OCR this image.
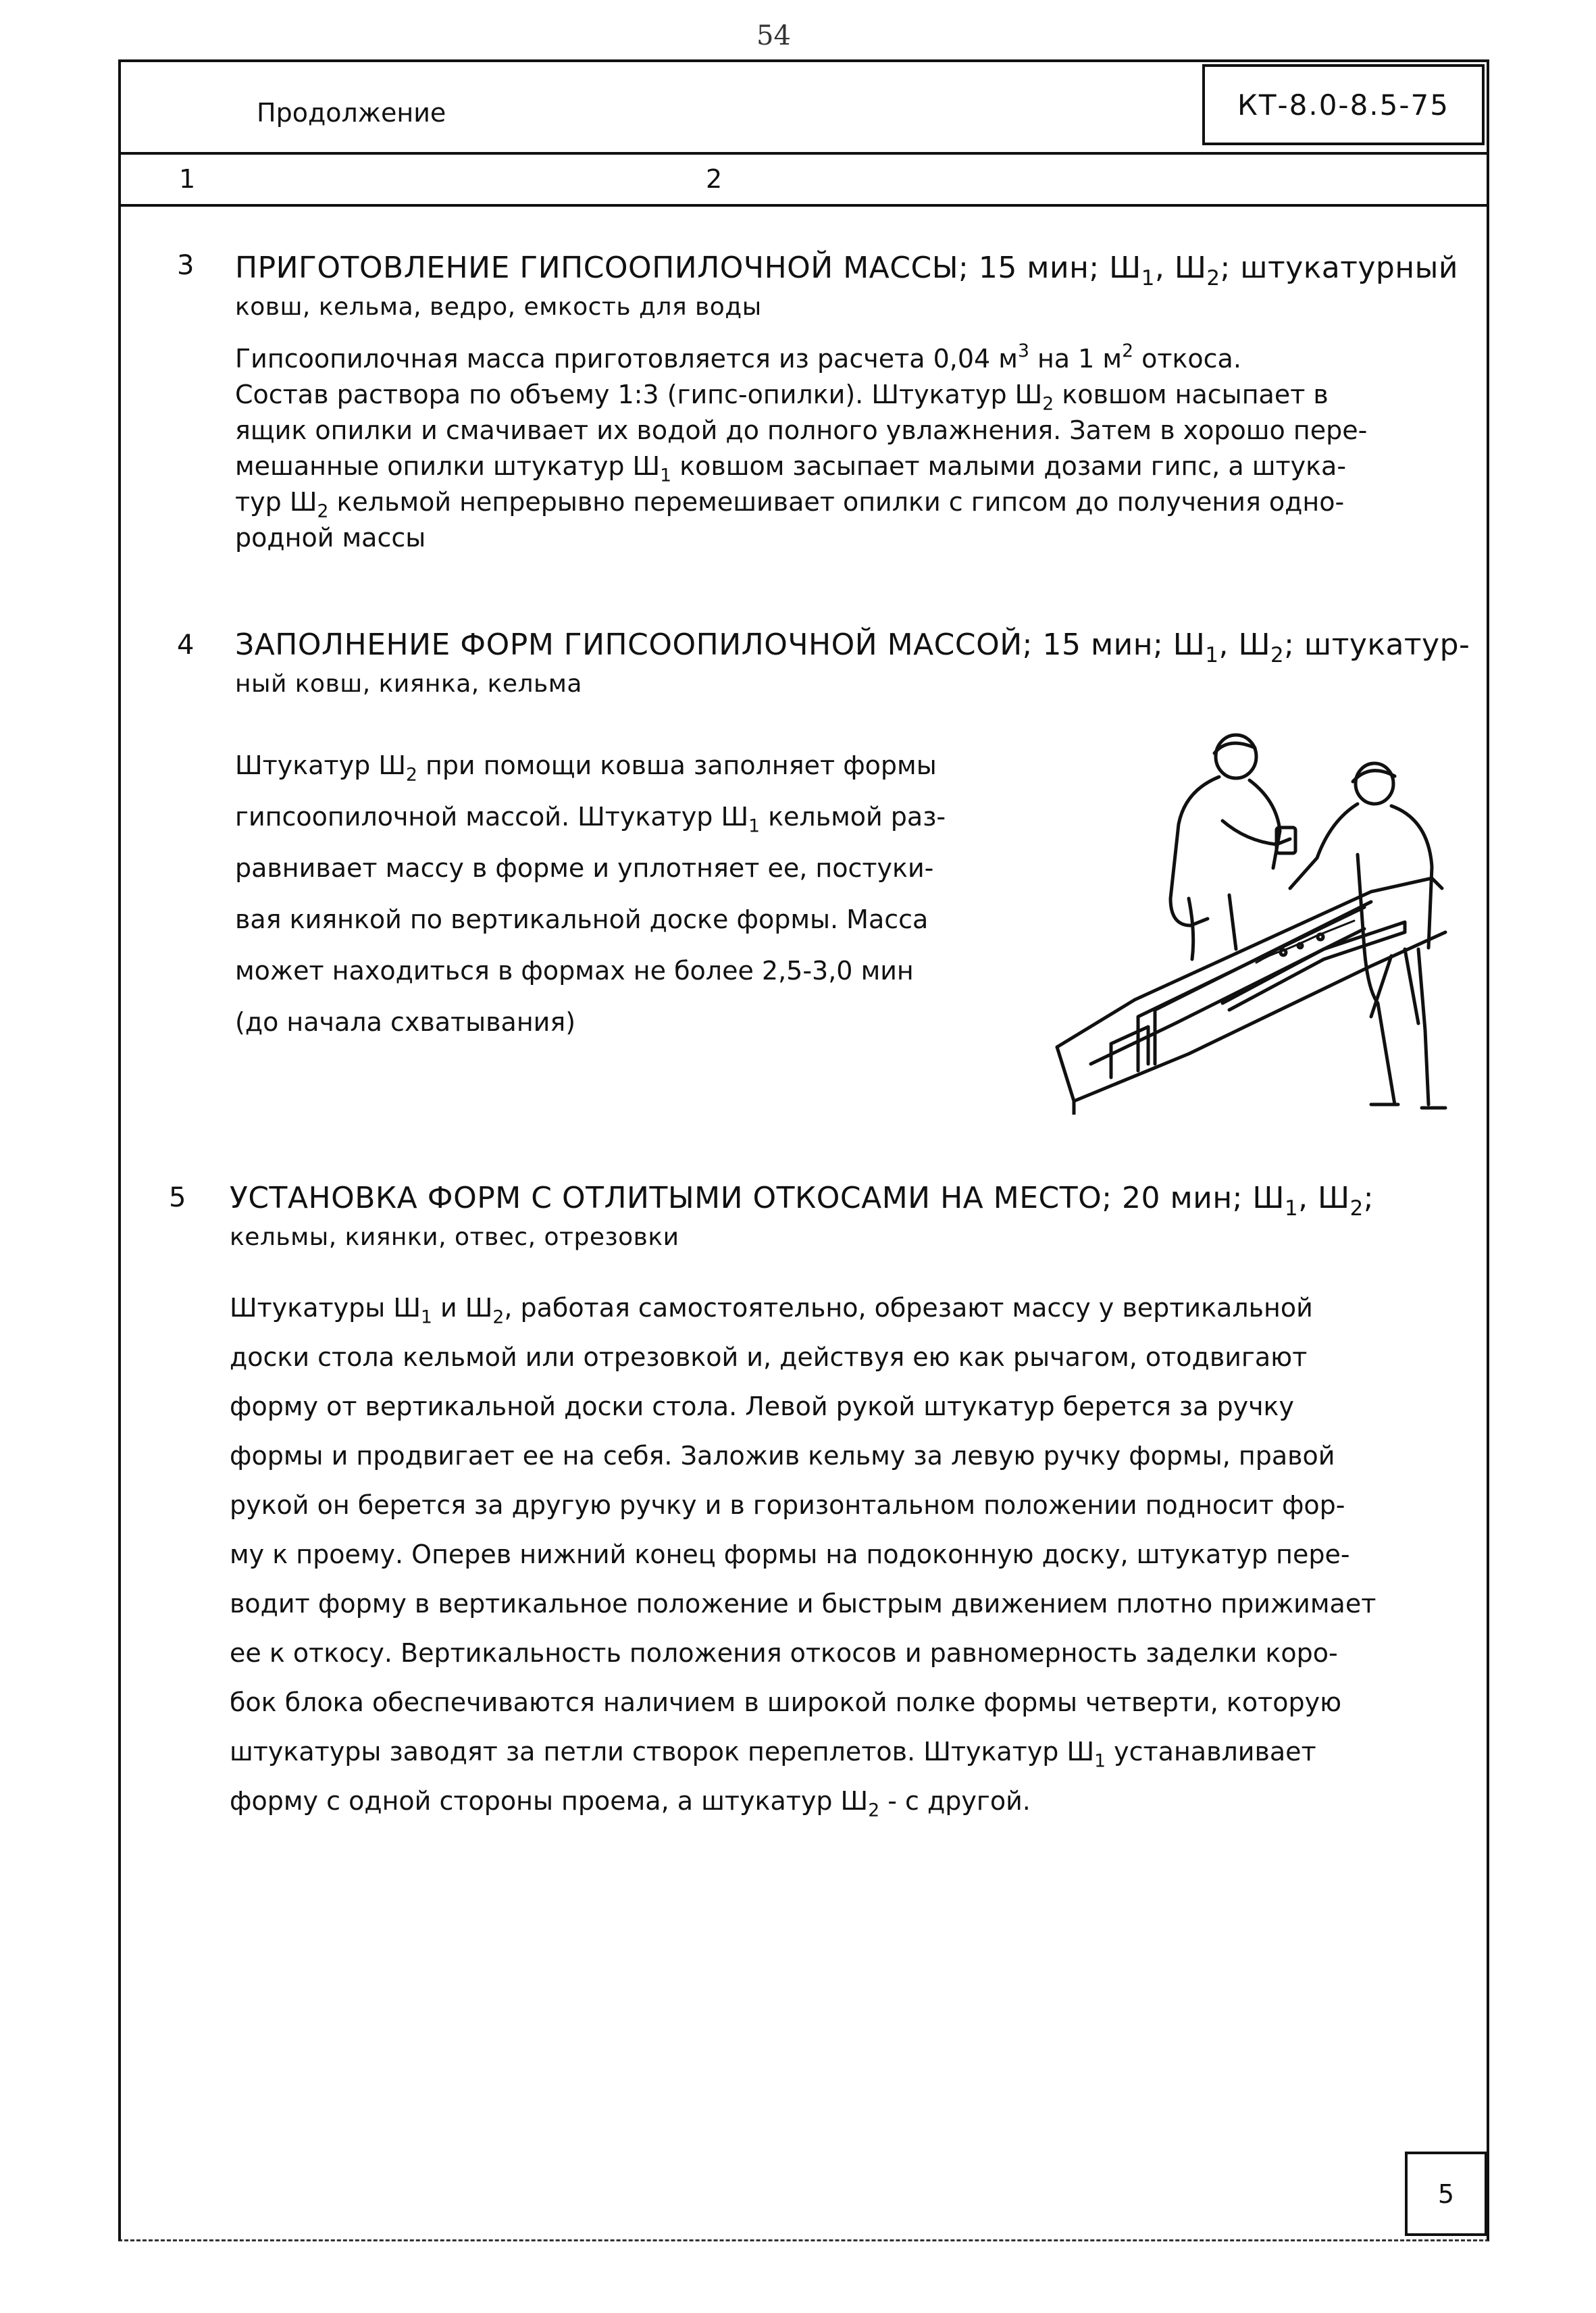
54
Продолжение	КТ-8.0-8.5-75
1	2
3 ПРИГОТОВЛЕНИЕ ГИПСООПИЛОЧНОЙ МАССЫ; 15 мин; $Ш_1$, $Ш_2$; штукатурный
ковш, кельма, ведро, емкость для воды
Гипсоопилочная масса приготовляется из расчета 0,04 $м^3$ на 1 $м^2$ откоса.
Состав раствора по объему 1:3 (гипс-опилки). Штукатур $Ш_2$ ковшом насыпает в
ящик опилки и смачивает их водой до полного увлажнения. Затем в хорошо пере-
мешанные опилки штукатур $Ш_1$ ковшом засыпает малыми дозами гипс, а штука-
тур $Ш_2$ кельмой непрерывно перемешивает опилки с гипсом до получения одно-
родной массы
4 ЗАПОЛНЕНИЕ ФОРМ ГИПСООПИЛОЧНОЙ МАССОЙ; 15 мин; $Ш_1$, $Ш_2$; штукатур-
ный ковш, киянка, кельма
Штукатур $Ш_2$ при помощи ковша заполняет формы
гипсоопилочной массой. Штукатур $Ш_1$ кельмой раз-
равнивает массу в форме и уплотняет ее, постуки-
вая киянкой по вертикальной доске формы. Масса
может находиться в формах не более 2,5-3,0 мин
(до начала схватывания)
5 УСТАНОВКА ФОРМ С ОТЛИТЫМИ ОТКОСАМИ НА МЕСТО; 20 мин; $Ш_1$, $Ш_2$;
кельмы, киянки, отвес, отрезовки
Штукатуры $Ш_1$ и $Ш_2$, работая самостоятельно, обрезают массу у вертикальной
доски стола кельмой или отрезовкой и, действуя ею как рычагом, отодвигают
форму от вертикальной доски стола. Левой рукой штукатур берется за ручку
формы и продвигает ее на себя. Заложив кельму за левую ручку формы, правой
рукой он берется за другую ручку и в горизонтальном положении подносит фор-
му к проему. Оперев нижний конец формы на подоконную доску, штукатур пере-
водит форму в вертикальное положение и быстрым движением плотно прижимает
ее к откосу. Вертикальность положения откосов и равномерность заделки коро-
бок блока обеспечиваются наличием в широкой полке формы четверти, которую
штукатуры заводят за петли створок переплетов. Штукатур $Ш_1$ устанавливает
форму с одной стороны проема, а штукатур $Ш_2$ - с другой.
5
